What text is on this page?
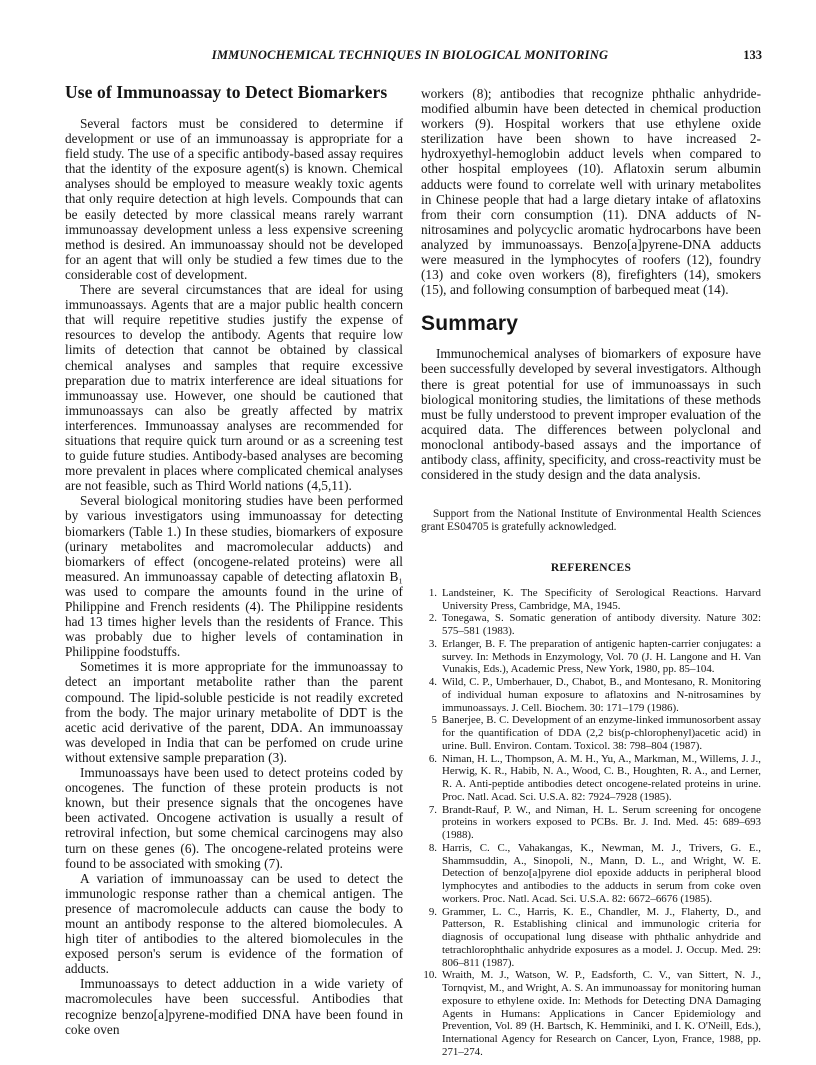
IMMUNOCHEMICAL TECHNIQUES IN BIOLOGICAL MONITORING	133
Use of Immunoassay to Detect Biomarkers

Several factors must be considered to determine if development or use of an immunoassay is appropriate for a field study. The use of a specific antibody-based assay requires that the identity of the exposure agent(s) is known. Chemical analyses should be employed to measure weakly toxic agents that only require detection at high levels. Compounds that can be easily detected by more classical means rarely warrant immunoassay development unless a less expensive screening method is desired. An immunoassay should not be developed for an agent that will only be studied a few times due to the considerable cost of development.

There are several circumstances that are ideal for using immunoassays. Agents that are a major public health concern that will require repetitive studies justify the expense of resources to develop the antibody. Agents that require low limits of detection that cannot be obtained by classical chemical analyses and samples that require excessive preparation due to matrix interference are ideal situations for immunoassay use. However, one should be cautioned that immunoassays can also be greatly affected by matrix interferences. Immunoassay analyses are recommended for situations that require quick turn around or as a screening test to guide future studies. Antibody-based analyses are becoming more prevalent in places where complicated chemical analyses are not feasible, such as Third World nations (4,5,11).

Several biological monitoring studies have been performed by various investigators using immunoassay for detecting biomarkers (Table 1.) In these studies, biomarkers of exposure (urinary metabolites and macromolecular adducts) and biomarkers of effect (oncogene-related proteins) were all measured. An immunoassay capable of detecting aflatoxin B₁ was used to compare the amounts found in the urine of Philippine and French residents (4). The Philippine residents had 13 times higher levels than the residents of France. This was probably due to higher levels of contamination in Philippine foodstuffs.

Sometimes it is more appropriate for the immunoassay to detect an important metabolite rather than the parent compound. The lipid-soluble pesticide is not readily excreted from the body. The major urinary metabolite of DDT is the acetic acid derivative of the parent, DDA. An immunoassay was developed in India that can be perfomed on crude urine without extensive sample preparation (3).

Immunoassays have been used to detect proteins coded by oncogenes. The function of these protein products is not known, but their presence signals that the oncogenes have been activated. Oncogene activation is usually a result of retroviral infection, but some chemical carcinogens may also turn on these genes (6). The oncogene-related proteins were found to be associated with smoking (7).

A variation of immunoassay can be used to detect the immunologic response rather than a chemical antigen. The presence of macromolecule adducts can cause the body to mount an antibody response to the altered biomolecules. A high titer of antibodies to the altered biomolecules in the exposed person's serum is evidence of the formation of adducts.

Immunoassays to detect adduction in a wide variety of macromolecules have been successful. Antibodies that recognize benzo[a]pyrene-modified DNA have been found in coke oven

workers (8); antibodies that recognize phthalic anhydride-modified albumin have been detected in chemical production workers (9). Hospital workers that use ethylene oxide sterilization have been shown to have increased 2-hydroxyethyl-hemoglobin adduct levels when compared to other hospital employees (10). Aflatoxin serum albumin adducts were found to correlate well with urinary metabolites in Chinese people that had a large dietary intake of aflatoxins from their corn consumption (11). DNA adducts of N-nitrosamines and polycyclic aromatic hydrocarbons have been analyzed by immunoassays. Benzo[a]pyrene-DNA adducts were measured in the lymphocytes of roofers (12), foundry (13) and coke oven workers (8), firefighters (14), smokers (15), and following consumption of barbequed meat (14).

Summary

Immunochemical analyses of biomarkers of exposure have been successfully developed by several investigators. Although there is great potential for use of immunoassays in such biological monitoring studies, the limitations of these methods must be fully understood to prevent improper evaluation of the acquired data. The differences between polyclonal and monoclonal antibody-based assays and the importance of antibody class, affinity, specificity, and cross-reactivity must be considered in the study design and the data analysis.

Support from the National Institute of Environmental Health Sciences grant ES04705 is gratefully acknowledged.

REFERENCES
1. Landsteiner, K. The Specificity of Serological Reactions. Harvard University Press, Cambridge, MA, 1945.
2. Tonegawa, S. Somatic generation of antibody diversity. Nature 302: 575–581 (1983).
3. Erlanger, B. F. The preparation of antigenic hapten-carrier conjugates: a survey. In: Methods in Enzymology, Vol. 70 (J. H. Langone and H. Van Vunakis, Eds.), Academic Press, New York, 1980, pp. 85–104.
4. Wild, C. P., Umberhauer, D., Chabot, B., and Montesano, R. Monitoring of individual human exposure to aflatoxins and N-nitrosamines by immunoassays. J. Cell. Biochem. 30: 171–179 (1986).
5 Banerjee, B. C. Development of an enzyme-linked immunosorbent assay for the quantification of DDA (2,2 bis(p-chlorophenyl)acetic acid) in urine. Bull. Environ. Contam. Toxicol. 38: 798–804 (1987).
6. Niman, H. L., Thompson, A. M. H., Yu, A., Markman, M., Willems, J. J., Herwig, K. R., Habib, N. A., Wood, C. B., Houghten, R. A., and Lerner, R. A. Anti-peptide antibodies detect oncogene-related proteins in urine. Proc. Natl. Acad. Sci. U.S.A. 82: 7924–7928 (1985).
7. Brandt-Rauf, P. W., and Niman, H. L. Serum screening for oncogene proteins in workers exposed to PCBs. Br. J. Ind. Med. 45: 689–693 (1988).
8. Harris, C. C., Vahakangas, K., Newman, M. J., Trivers, G. E., Shammsuddin, A., Sinopoli, N., Mann, D. L., and Wright, W. E. Detection of benzo[a]pyrene diol epoxide adducts in peripheral blood lymphocytes and antibodies to the adducts in serum from coke oven workers. Proc. Natl. Acad. Sci. U.S.A. 82: 6672–6676 (1985).
9. Grammer, L. C., Harris, K. E., Chandler, M. J., Flaherty, D., and Patterson, R. Establishing clinical and immunologic criteria for diagnosis of occupational lung disease with phthalic anhydride and tetrachlorophthalic anhydride exposures as a model. J. Occup. Med. 29: 806–811 (1987).
10. Wraith, M. J., Watson, W. P., Eadsforth, C. V., van Sittert, N. J., Tornqvist, M., and Wright, A. S. An immunoassay for monitoring human exposure to ethylene oxide. In: Methods for Detecting DNA Damaging Agents in Humans: Applications in Cancer Epidemiology and Prevention, Vol. 89 (H. Bartsch, K. Hemminiki, and I. K. O'Neill, Eds.), International Agency for Research on Cancer, Lyon, France, 1988, pp. 271–274.
